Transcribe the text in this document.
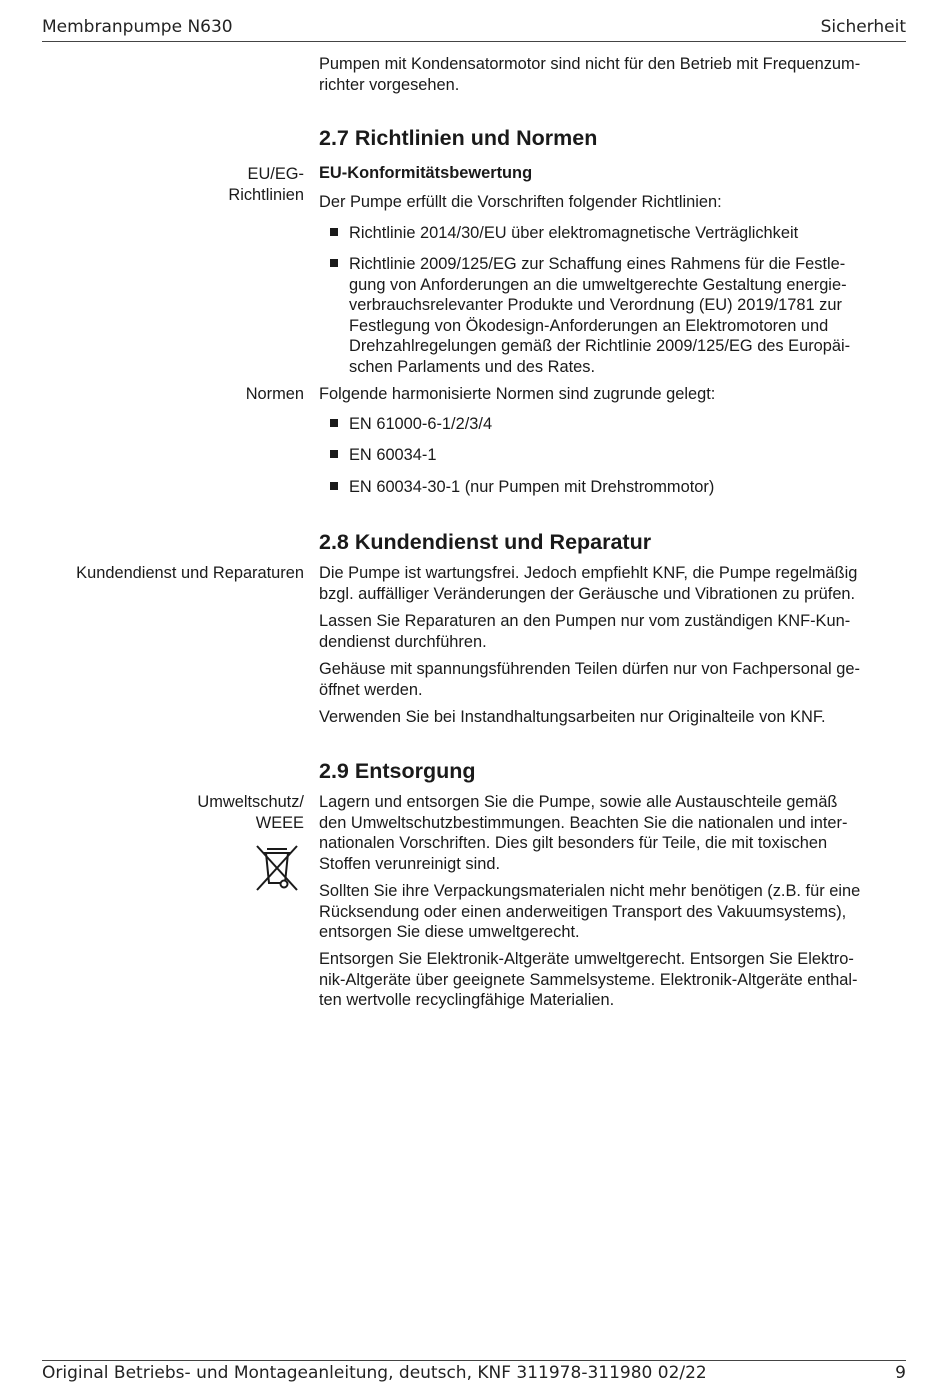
Membranpumpe N630	Sicherheit
Pumpen mit Kondensatormotor sind nicht für den Betrieb mit Frequenzum-
richter vorgesehen.
2.7 Richtlinien und Normen
EU/EG-
Richtlinien
EU-Konformitätsbewertung
Der Pumpe erfüllt die Vorschriften folgender Richtlinien:
Richtlinie 2014/30/EU über elektromagnetische Verträglichkeit
Richtlinie 2009/125/EG zur Schaffung eines Rahmens für die Festle-
gung von Anforderungen an die umweltgerechte Gestaltung energie-
verbrauchsrelevanter Produkte und Verordnung (EU) 2019/1781 zur
Festlegung von Ökodesign-Anforderungen an Elektromotoren und
Drehzahlregelungen gemäß der Richtlinie 2009/125/EG des Europäi-
schen Parlaments und des Rates.
Normen Folgende harmonisierte Normen sind zugrunde gelegt:
EN 61000-6-1/2/3/4
EN 60034-1
EN 60034-30-1 (nur Pumpen mit Drehstrommotor)
2.8 Kundendienst und Reparatur
Kundendienst und Reparaturen Die Pumpe ist wartungsfrei. Jedoch empfiehlt KNF, die Pumpe regelmäßig
bzgl. auffälliger Veränderungen der Geräusche und Vibrationen zu prüfen.
Lassen Sie Reparaturen an den Pumpen nur vom zuständigen KNF-Kun-
dendienst durchführen.
Gehäuse mit spannungsführenden Teilen dürfen nur von Fachpersonal ge-
öffnet werden.
Verwenden Sie bei Instandhaltungsarbeiten nur Originalteile von KNF.
2.9 Entsorgung
Umweltschutz/
WEEE
Lagern und entsorgen Sie die Pumpe, sowie alle Austauschteile gemäß
den Umweltschutzbestimmungen. Beachten Sie die nationalen und inter-
nationalen Vorschriften. Dies gilt besonders für Teile, die mit toxischen
Stoffen verunreinigt sind.
Sollten Sie ihre Verpackungsmaterialen nicht mehr benötigen (z.B. für eine
Rücksendung oder einen anderweitigen Transport des Vakuumsystems),
entsorgen Sie diese umweltgerecht.
Entsorgen Sie Elektronik-Altgeräte umweltgerecht. Entsorgen Sie Elektro-
nik-Altgeräte über geeignete Sammelsysteme. Elektronik-Altgeräte enthal-
ten wertvolle recyclingfähige Materialien.
Original Betriebs- und Montageanleitung, deutsch, KNF 311978-311980 02/22	9
